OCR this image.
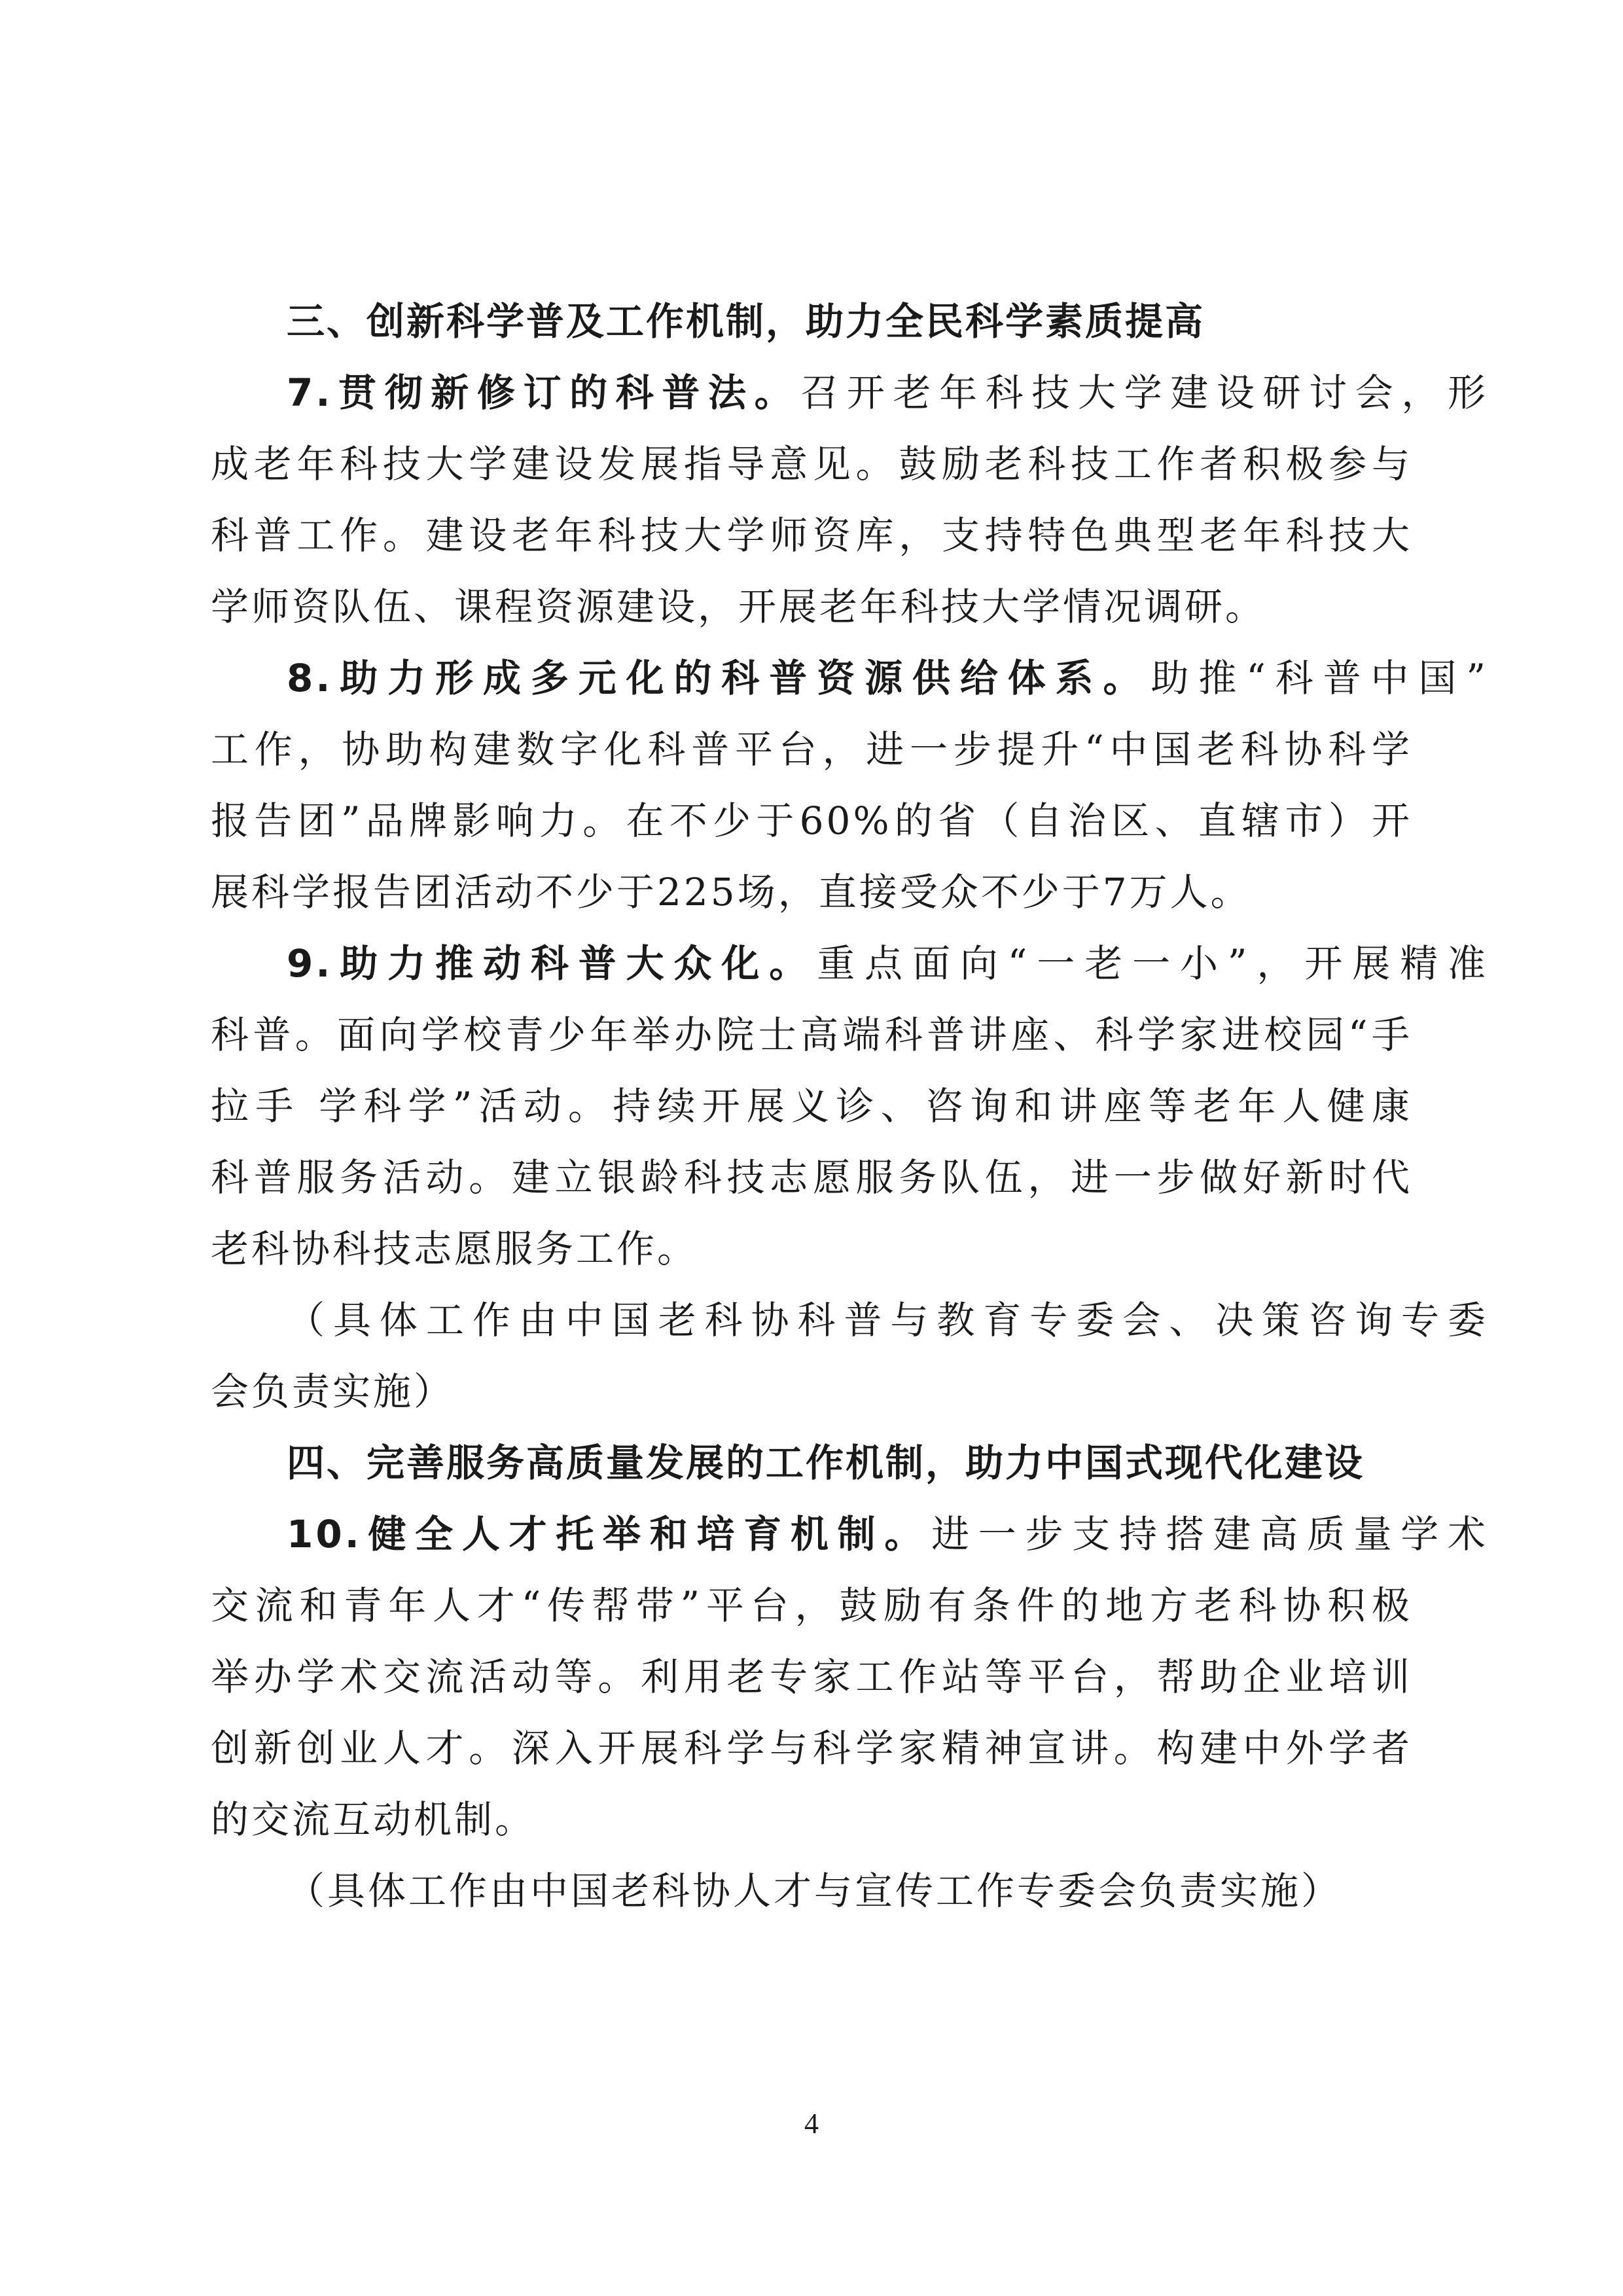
三、创新科学普及工作机制，助力全民科学素质提高
7.贯彻新修订的科普法。召开老年科技大学建设研讨会，形
成老年科技大学建设发展指导意见。鼓励老科技工作者积极参与
科普工作。建设老年科技大学师资库，支持特色典型老年科技大
学师资队伍、课程资源建设，开展老年科技大学情况调研。
8.助力形成多元化的科普资源供给体系。助推“科普中国”
工作，协助构建数字化科普平台，进一步提升“中国老科协科学
报告团”品牌影响力。在不少于60%的省（自治区、直辖市）开
展科学报告团活动不少于225场，直接受众不少于7万人。
9.助力推动科普大众化。重点面向“一老一小”，开展精准
科普。面向学校青少年举办院士高端科普讲座、科学家进校园“手
拉手 学科学”活动。持续开展义诊、咨询和讲座等老年人健康
科普服务活动。建立银龄科技志愿服务队伍，进一步做好新时代
老科协科技志愿服务工作。
（具体工作由中国老科协科普与教育专委会、决策咨询专委
会负责实施）
四、完善服务高质量发展的工作机制，助力中国式现代化建设
10.健全人才托举和培育机制。进一步支持搭建高质量学术
交流和青年人才“传帮带”平台，鼓励有条件的地方老科协积极
举办学术交流活动等。利用老专家工作站等平台，帮助企业培训
创新创业人才。深入开展科学与科学家精神宣讲。构建中外学者
的交流互动机制。
（具体工作由中国老科协人才与宣传工作专委会负责实施）
4
